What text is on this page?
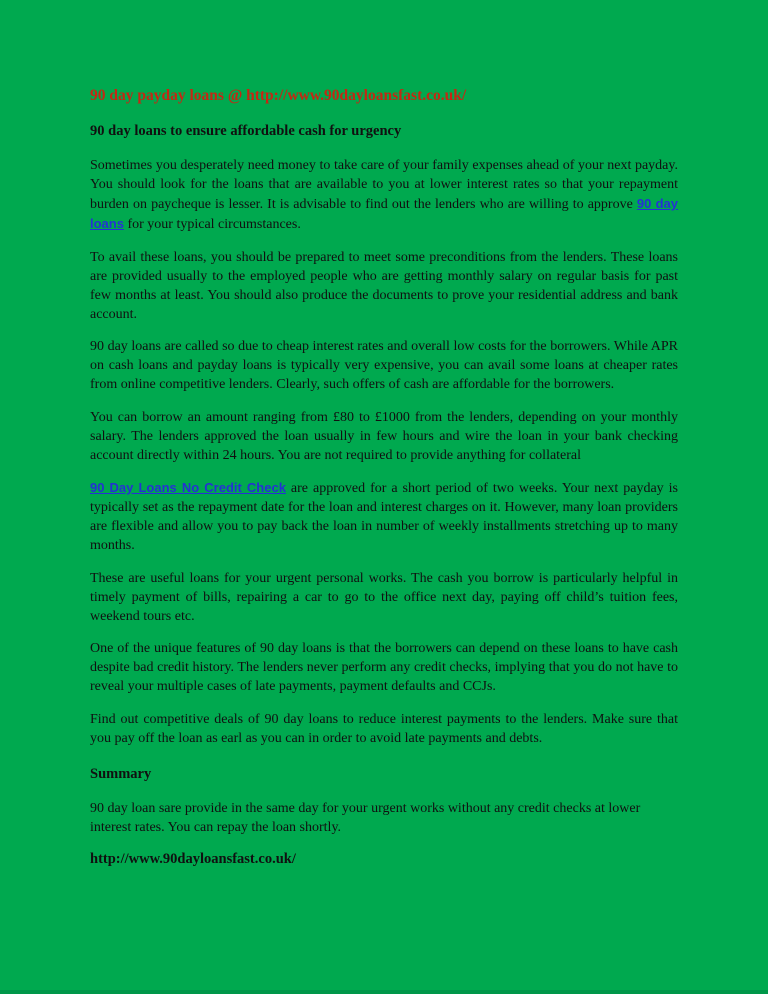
90 day payday loans @ http://www.90dayloansfast.co.uk/
90 day loans to ensure affordable cash for urgency

Sometimes you desperately need money to take care of your family expenses ahead of your next payday. You should look for the loans that are available to you at lower interest rates so that your repayment burden on paycheque is lesser. It is advisable to find out the lenders who are willing to approve 90 day loans for your typical circumstances.

To avail these loans, you should be prepared to meet some preconditions from the lenders. These loans are provided usually to the employed people who are getting monthly salary on regular basis for past few months at least. You should also produce the documents to prove your residential address and bank account.

90 day loans are called so due to cheap interest rates and overall low costs for the borrowers. While APR on cash loans and payday loans is typically very expensive, you can avail some loans at cheaper rates from online competitive lenders. Clearly, such offers of cash are affordable for the borrowers.

You can borrow an amount ranging from £80 to £1000 from the lenders, depending on your monthly salary. The lenders approved the loan usually in few hours and wire the loan in your bank checking account directly within 24 hours. You are not required to provide anything for collateral

90 Day Loans No Credit Check are approved for a short period of two weeks. Your next payday is typically set as the repayment date for the loan and interest charges on it. However, many loan providers are flexible and allow you to pay back the loan in number of weekly installments stretching up to many months.

These are useful loans for your urgent personal works. The cash you borrow is particularly helpful in timely payment of bills, repairing a car to go to the office next day, paying off child’s tuition fees, weekend tours etc.

One of the unique features of 90 day loans is that the borrowers can depend on these loans to have cash despite bad credit history. The lenders never perform any credit checks, implying that you do not have to reveal your multiple cases of late payments, payment defaults and CCJs.

Find out competitive deals of 90 day loans to reduce interest payments to the lenders. Make sure that you pay off the loan as earl as you can in order to avoid late payments and debts.

Summary

90 day loan sare provide in the same day for your urgent works without any credit checks at lower interest rates. You can repay the loan shortly.

http://www.90dayloansfast.co.uk/
